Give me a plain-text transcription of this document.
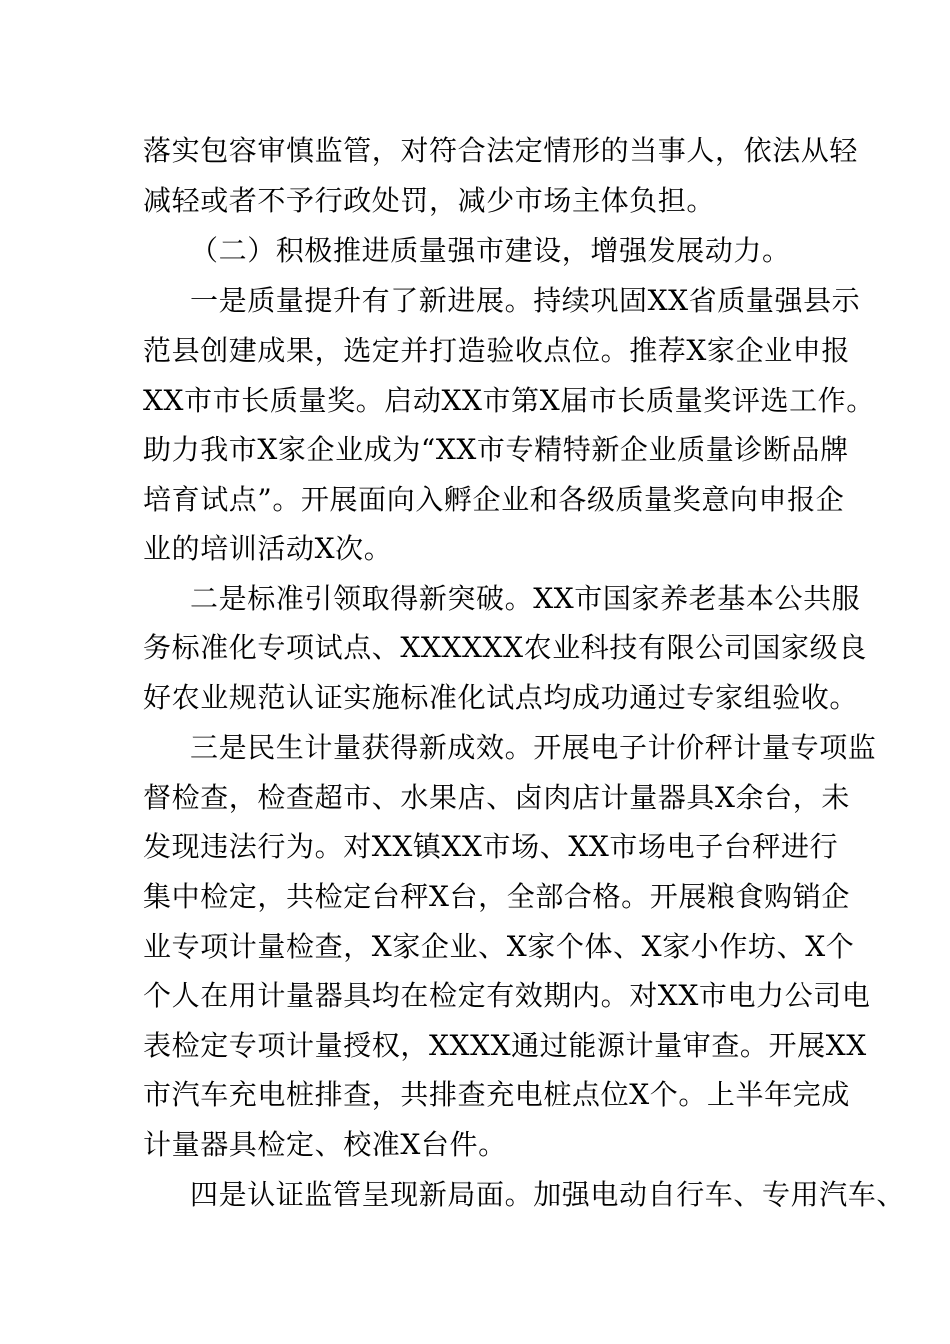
落实包容审慎监管，对符合法定情形的当事人，依法从轻
减轻或者不予行政处罚，减少市场主体负担。
（二）积极推进质量强市建设，增强发展动力。
一是质量提升有了新进展。持续巩固XX省质量强县示
范县创建成果，选定并打造验收点位。推荐X家企业申报
XX市市长质量奖。启动XX市第X届市长质量奖评选工作。
助力我市X家企业成为“XX市专精特新企业质量诊断品牌
培育试点”。开展面向入孵企业和各级质量奖意向申报企
业的培训活动X次。
二是标准引领取得新突破。XX市国家养老基本公共服
务标准化专项试点、XXXXXX农业科技有限公司国家级良
好农业规范认证实施标准化试点均成功通过专家组验收。
三是民生计量获得新成效。开展电子计价秤计量专项监
督检查，检查超市、水果店、卤肉店计量器具X余台，未
发现违法行为。对XX镇XX市场、XX市场电子台秤进行
集中检定，共检定台秤X台，全部合格。开展粮食购销企
业专项计量检查，X家企业、X家个体、X家小作坊、X个
个人在用计量器具均在检定有效期内。对XX市电力公司电
表检定专项计量授权，XXXX通过能源计量审查。开展XX
市汽车充电桩排查，共排查充电桩点位X个。上半年完成
计量器具检定、校准X台件。
四是认证监管呈现新局面。加强电动自行车、专用汽车、
